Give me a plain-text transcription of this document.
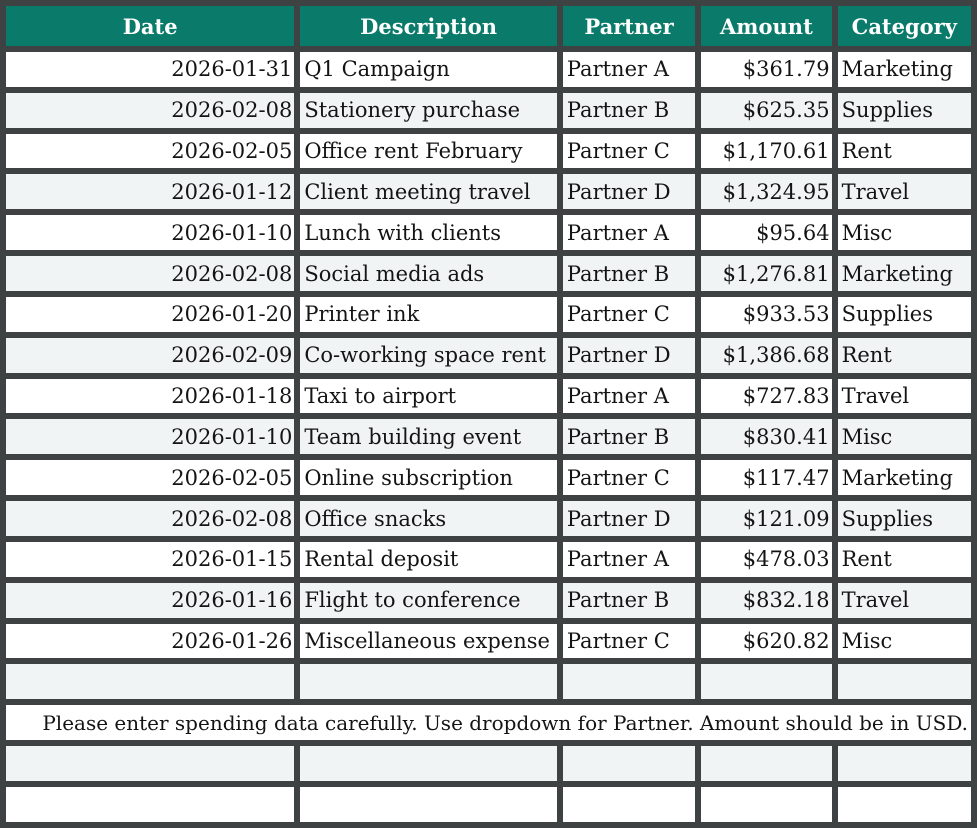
Date	Description	Partner	Amount	Category
2026-01-31	Q1 Campaign	Partner A	$361.79	Marketing
2026-02-08	Stationery purchase	Partner B	$625.35	Supplies
2026-02-05	Office rent February	Partner C	$1,170.61	Rent
2026-01-12	Client meeting travel	Partner D	$1,324.95	Travel
2026-01-10	Lunch with clients	Partner A	$95.64	Misc
2026-02-08	Social media ads	Partner B	$1,276.81	Marketing
2026-01-20	Printer ink	Partner C	$933.53	Supplies
2026-02-09	Co-working space rent	Partner D	$1,386.68	Rent
2026-01-18	Taxi to airport	Partner A	$727.83	Travel
2026-01-10	Team building event	Partner B	$830.41	Misc
2026-02-05	Online subscription	Partner C	$117.47	Marketing
2026-02-08	Office snacks	Partner D	$121.09	Supplies
2026-01-15	Rental deposit	Partner A	$478.03	Rent
2026-01-16	Flight to conference	Partner B	$832.18	Travel
2026-01-26	Miscellaneous expense	Partner C	$620.82	Misc

Please enter spending data carefully. Use dropdown for Partner. Amount should be in USD.				
